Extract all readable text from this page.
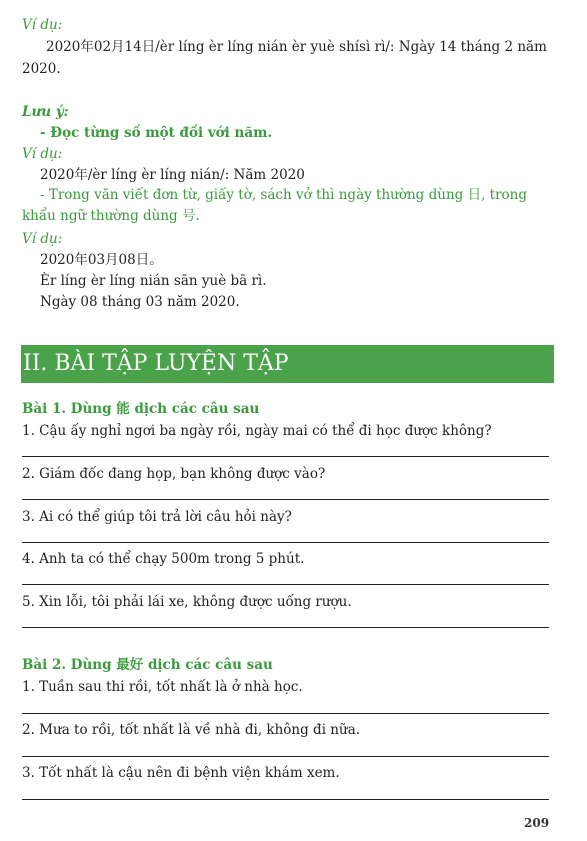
Ví dụ:
2020年02月14日/èr líng èr líng nián èr yuè shísì rì/: Ngày 14 tháng 2 năm
2020.
Lưu ý:
- Đọc từng số một đối với năm.
Ví dụ:
2020年/èr líng èr líng nián/: Năm 2020
- Trong văn viết đơn từ, giấy tờ, sách vở thì ngày thường dùng 日, trong khẩu ngữ thường dùng 号.
Ví dụ:
2020年03月08日。
Èr líng èr líng nián sān yuè bā rì.
Ngày 08 tháng 03 năm 2020.
II. BÀI TẬP LUYỆN TẬP
Bài 1. Dùng 能 dịch các câu sau
1. Cậu ấy nghỉ ngơi ba ngày rồi, ngày mai có thể đi học được không?
2. Giám đốc đang họp, bạn không được vào?
3. Ai có thể giúp tôi trả lời câu hỏi này?
4. Anh ta có thể chạy 500m trong 5 phút.
5. Xin lỗi, tôi phải lái xe, không được uống rượu.
Bài 2. Dùng 最好 dịch các câu sau
1. Tuần sau thi rồi, tốt nhất là ở nhà học.
2. Mưa to rồi, tốt nhất là về nhà đi, không đi nữa.
3. Tốt nhất là cậu nên đi bệnh viện khám xem.
209
